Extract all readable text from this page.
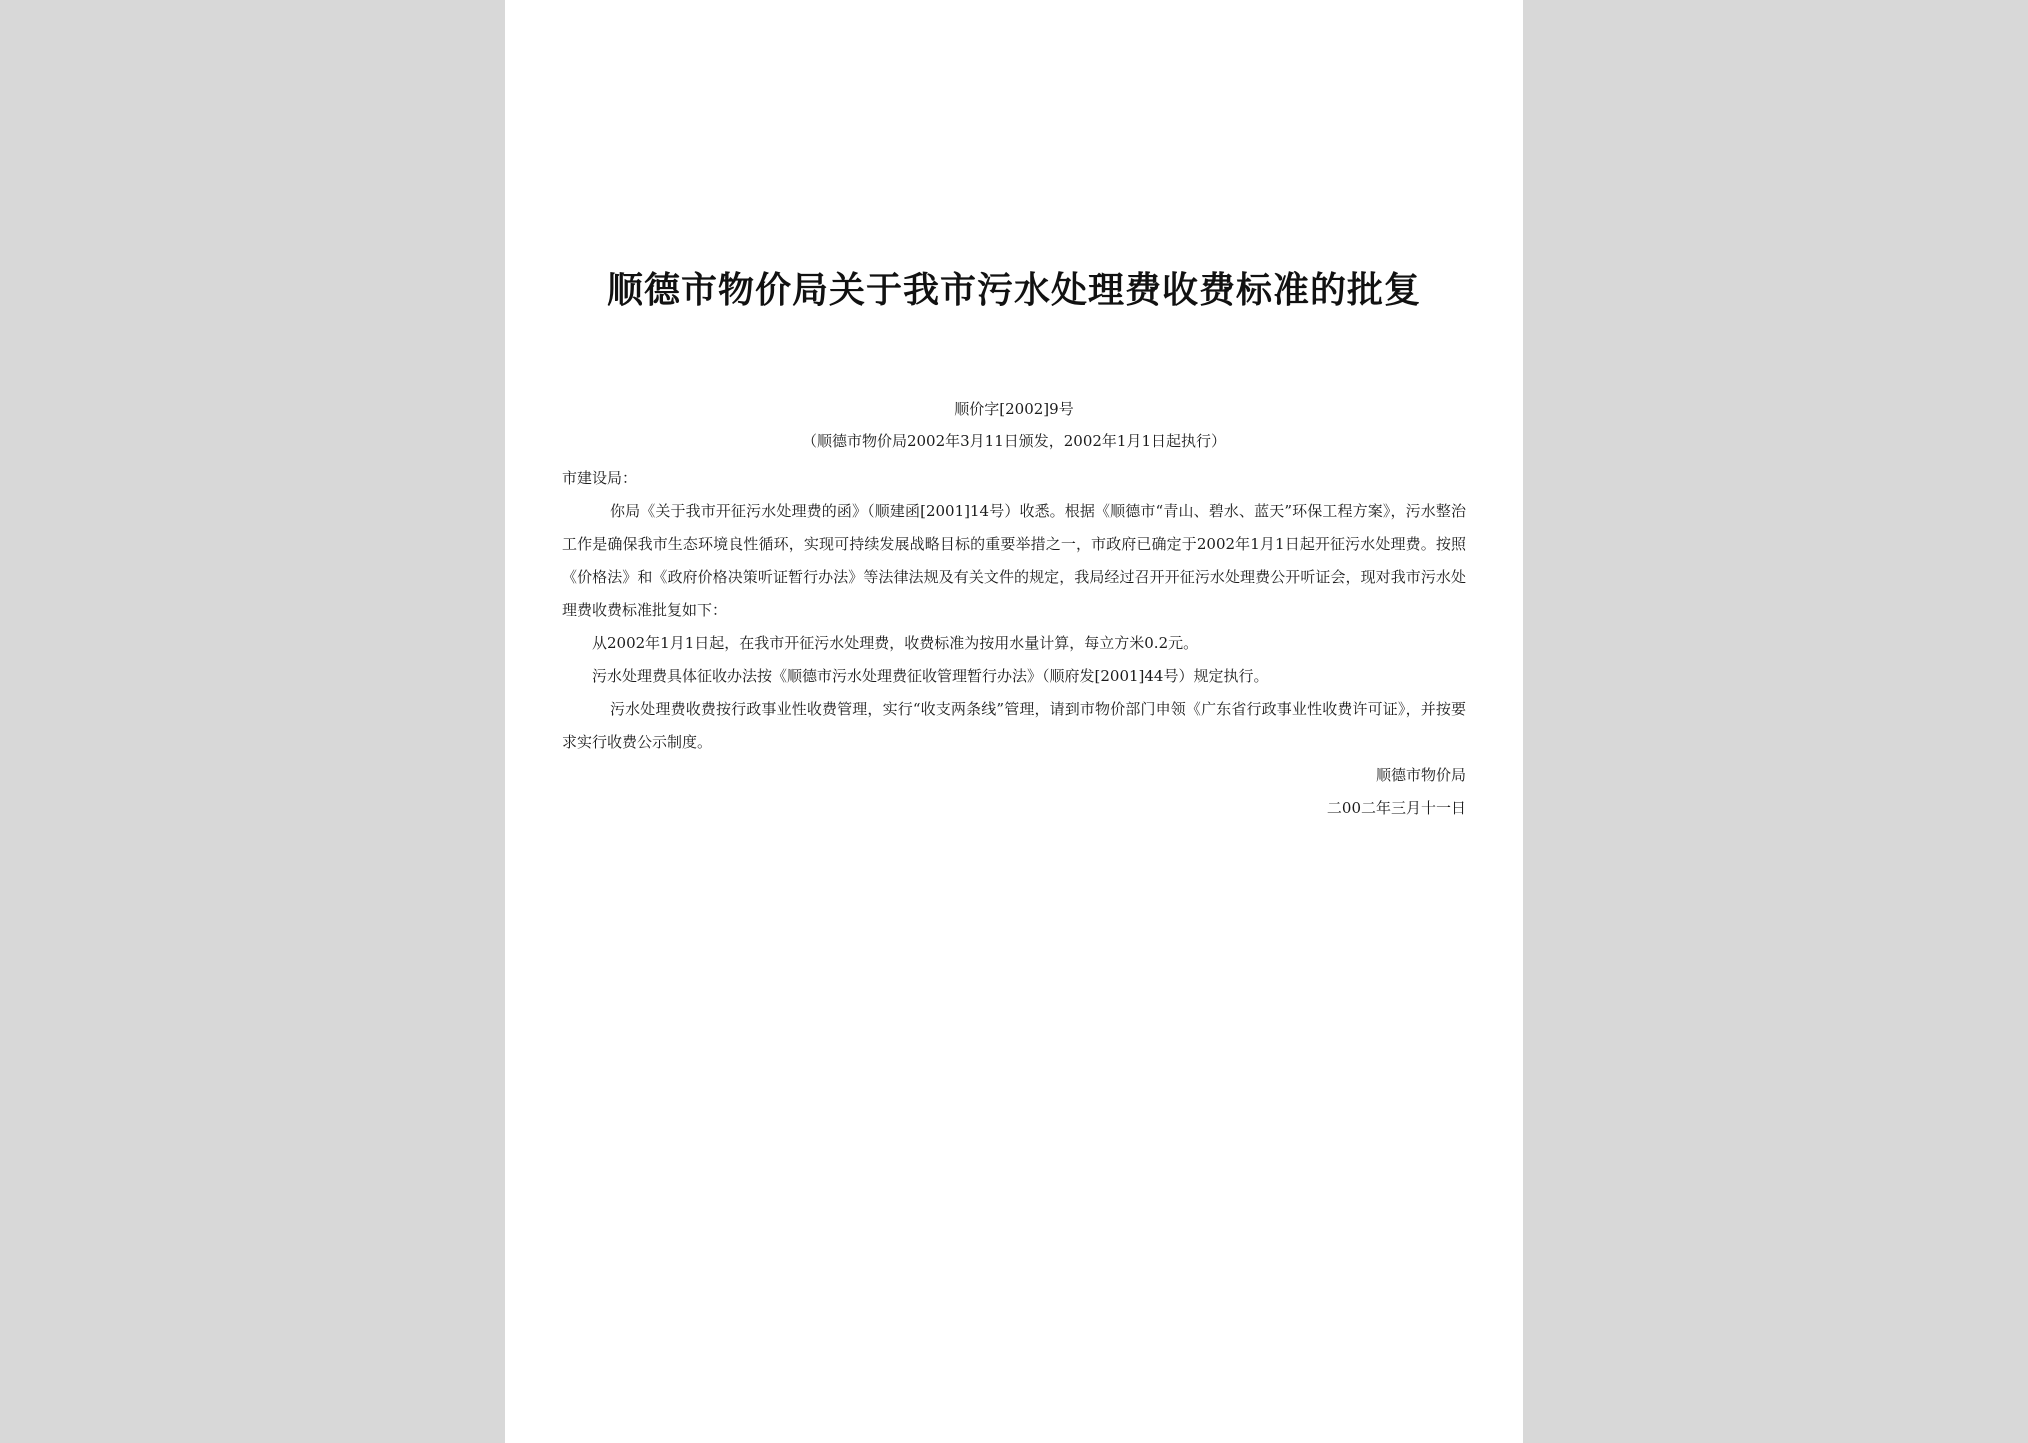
顺德市物价局关于我市污水处理费收费标准的批复
顺价字[2002]9号
（顺德市物价局2002年3月11日颁发，2002年1月1日起执行）

市建设局：

你局《关于我市开征污水处理费的函》（顺建函[2001]14号）收悉。根据《顺德市“青山、碧水、蓝天”环保工程方案》，污水整治工作是确保我市生态环境良性循环，实现可持续发展战略目标的重要举措之一，市政府已确定于2002年1月1日起开征污水处理费。按照《价格法》和《政府价格决策听证暂行办法》等法律法规及有关文件的规定，我局经过召开开征污水处理费公开听证会，现对我市污水处理费收费标准批复如下：

从2002年1月1日起，在我市开征污水处理费，收费标准为按用水量计算，每立方米0.2元。

污水处理费具体征收办法按《顺德市污水处理费征收管理暂行办法》（顺府发[2001]44号）规定执行。

污水处理费收费按行政事业性收费管理，实行“收支两条线”管理，请到市物价部门申领《广东省行政事业性收费许可证》，并按要求实行收费公示制度。

顺德市物价局

二00二年三月十一日
